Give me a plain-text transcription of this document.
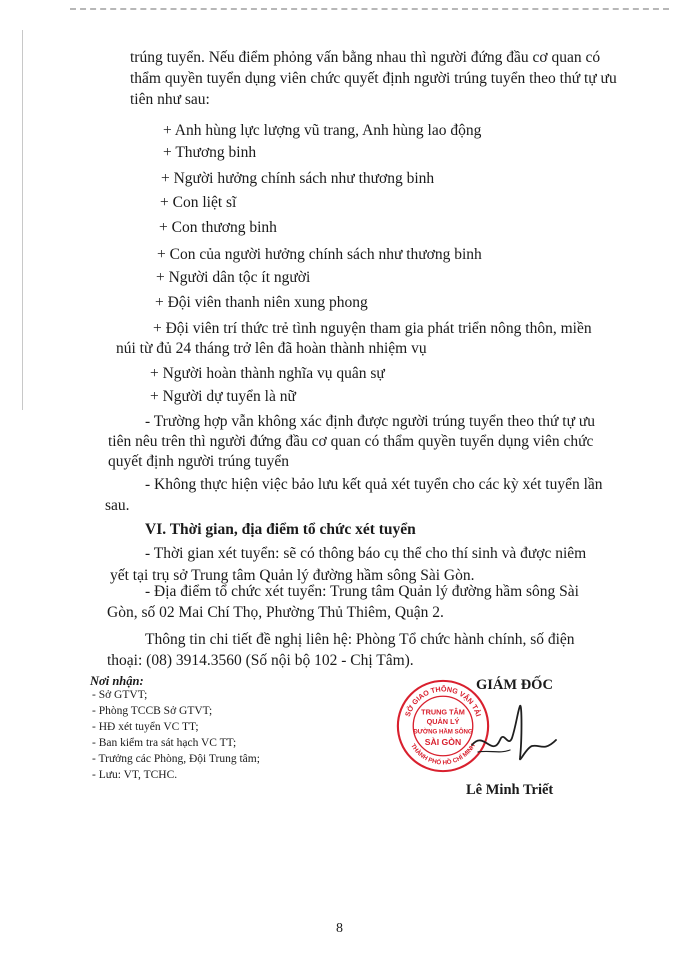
trúng tuyển. Nếu điểm phỏng vấn bằng nhau thì người đứng đầu cơ quan có
thẩm quyền tuyển dụng viên chức quyết định người trúng tuyển theo thứ tự ưu
tiên như sau:
+ Anh hùng lực lượng vũ trang, Anh hùng lao động
+ Thương binh
+ Người hưởng chính sách như thương binh
+ Con liệt sĩ
+ Con thương binh
+ Con của người hưởng chính sách như thương binh
+ Người dân tộc ít người
+ Đội viên thanh niên xung phong
+ Đội viên trí thức trẻ tình nguyện tham gia phát triển nông thôn, miền
núi từ đủ 24 tháng trở lên đã hoàn thành nhiệm vụ
+ Người hoàn thành nghĩa vụ quân sự
+ Người dự tuyển là nữ
- Trường hợp vẫn không xác định được người trúng tuyển theo thứ tự ưu
tiên nêu trên thì người đứng đầu cơ quan có thẩm quyền tuyển dụng viên chức
quyết định người trúng tuyển
- Không thực hiện việc bảo lưu kết quả xét tuyển cho các kỳ xét tuyển lần
sau.
VI. Thời gian, địa điểm tổ chức xét tuyển
- Thời gian xét tuyển: sẽ có thông báo cụ thể cho thí sinh và được niêm
yết tại trụ sở Trung tâm Quản lý đường hầm sông Sài Gòn.
- Địa điểm tổ chức xét tuyển: Trung tâm Quản lý đường hầm sông Sài
Gòn, số 02 Mai Chí Thọ, Phường Thủ Thiêm, Quận 2.
Thông tin chi tiết đề nghị liên hệ: Phòng Tổ chức hành chính, số điện
thoại: (08) 3914.3560 (Số nội bộ 102 - Chị Tâm).
Nơi nhận:
- Sở GTVT;
- Phòng TCCB Sở GTVT;
- HĐ xét tuyển VC TT;
- Ban kiểm tra sát hạch VC TT;
- Trưởng các Phòng, Đội Trung tâm;
- Lưu: VT, TCHC.
GIÁM ĐỐC
SỞ GIAO THÔNG VẬN TẢI
THÀNH PHỐ HỒ CHÍ MINH
TRUNG TÂM
QUẢN LÝ
ĐƯỜNG HẦM SÔNG
SÀI GÒN
Lê Minh Triết
8
